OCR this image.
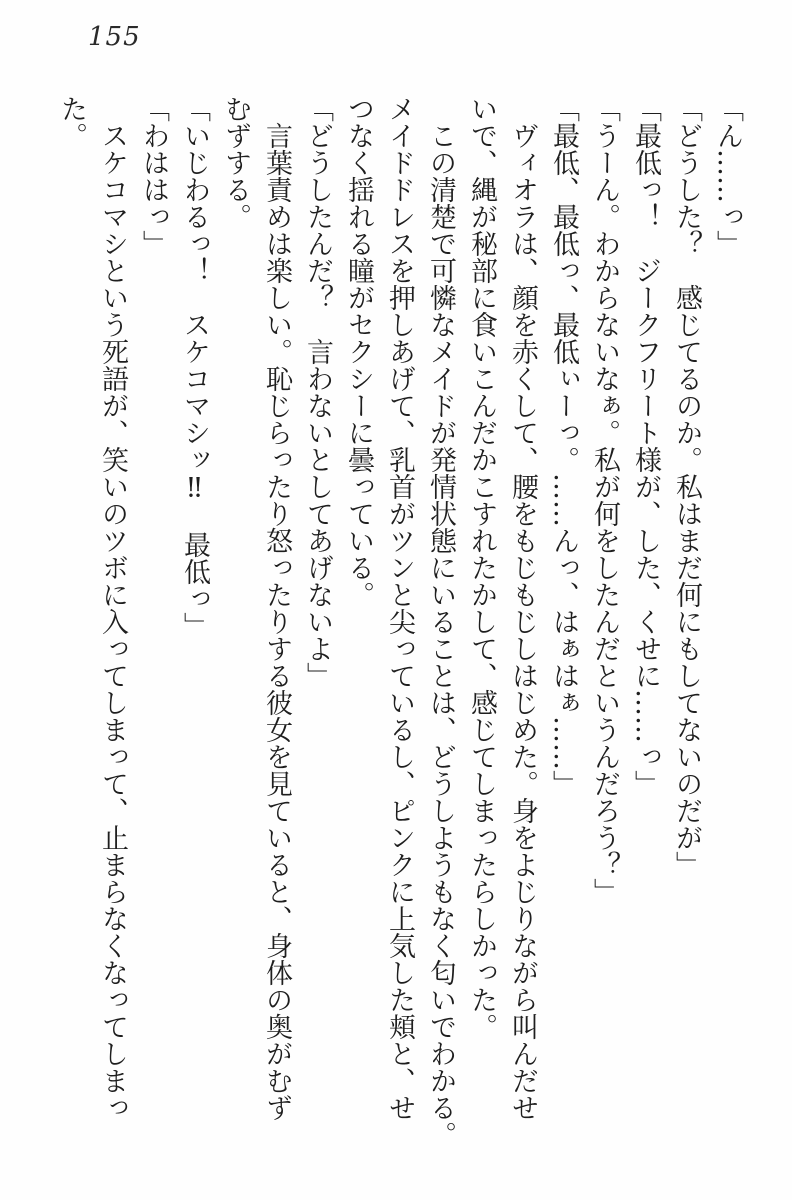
155
「ん……っ」
「どうした？　感じてるのか。私はまだ何にもしてないのだが」
「最低っ！　ジークフリート様が、した、くせに……っ」
「うーん。わからないなぁ。私が何をしたんだというんだろう？」
「最低、最低っ、最低ぃーっ。……んっ、はぁはぁ……」
ヴィオラは、顔を赤くして、腰をもじもじしはじめた。身をよじりながら叫んだせ
いで、縄が秘部に食いこんだかこすれたかして、感じてしまったらしかった。
この清楚で可憐なメイドが発情状態にいることは、どうしようもなく匂いでわかる。
メイドドレスを押しあげて、乳首がツンと尖っているし、ピンクに上気した頬と、せ
つなく揺れる瞳がセクシーに曇っている。
「どうしたんだ？　言わないとしてあげないよ」
言葉責めは楽しい。恥じらったり怒ったりする彼女を見ていると、身体の奥がむず
むずする。
「いじわるっ！　スケコマシッ‼　最低っ」
「わははっ」
スケコマシという死語が、笑いのツボに入ってしまって、止まらなくなってしまっ
た。
